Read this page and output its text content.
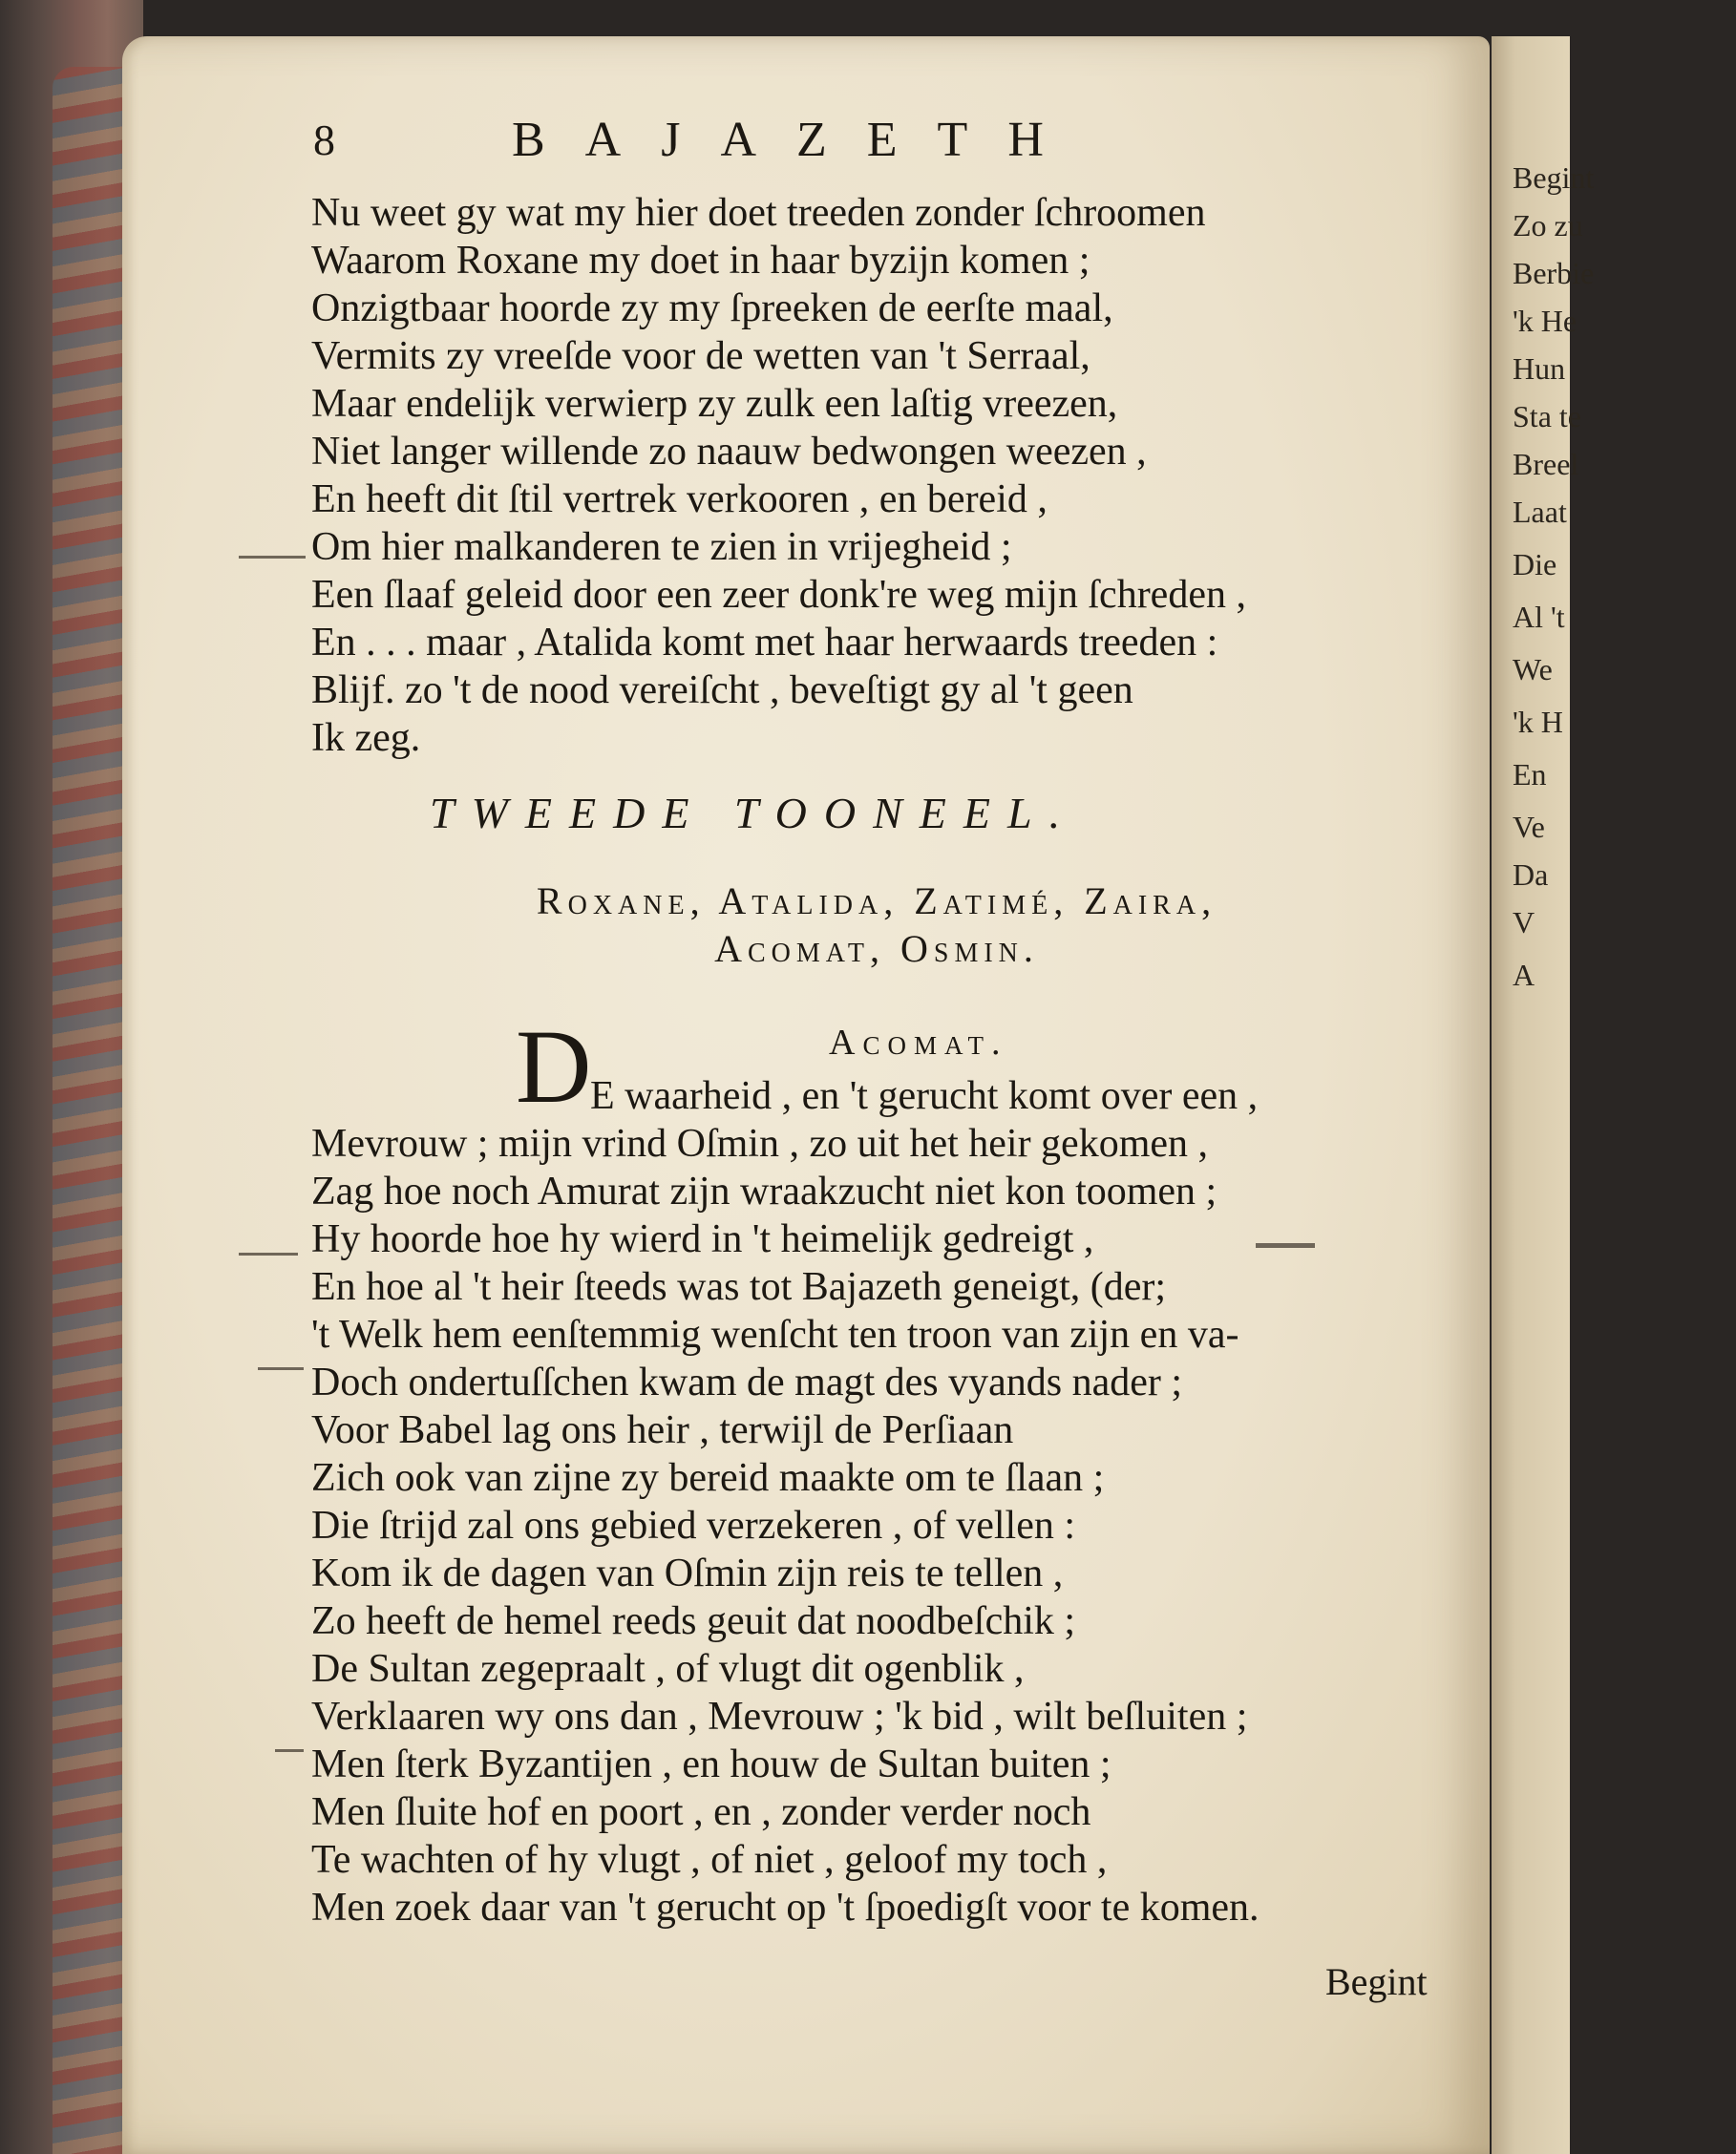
Begint
Zo zu
Berbie
'k He
Hun
Sta te
Breel
Laat
Die
Al 't
We
'k H
En
Ve
Da
V
A
8	BAJAZETH
Nu weet gy wat my hier doet treeden zonder ſchroomen
Waarom Roxane my doet in haar byzijn komen ;
Onzigtbaar hoorde zy my ſpreeken de eerſte maal,
Vermits zy vreeſde voor de wetten van 't Serraal,
Maar endelijk verwierp zy zulk een laſtig vreezen,
Niet langer willende zo naauw bedwongen weezen ,
En heeft dit ſtil vertrek verkooren , en bereid ,
Om hier malkanderen te zien in vrijegheid ;
Een ſlaaf geleid door een zeer donk're weg mijn ſchreden ,
En . . . maar , Atalida komt met haar herwaards treeden :
Blijf. zo 't de nood vereiſcht , beveſtigt gy al 't geen
Ik zeg.
TWEEDE TOONEEL.
Roxane, Atalida, Zatimé, Zaira,
Acomat, Osmin.
Acomat.
D
E waarheid , en 't gerucht komt over een ,
Mevrouw ; mijn vrind Oſmin , zo uit het heir gekomen ,
Zag hoe noch Amurat zijn wraakzucht niet kon toomen ;
Hy hoorde hoe hy wierd in 't heimelijk gedreigt ,
En hoe al 't heir ſteeds was tot Bajazeth geneigt, (der;
't Welk hem eenſtemmig wenſcht ten troon van zijn en va-
Doch ondertuſſchen kwam de magt des vyands nader ;
Voor Babel lag ons heir , terwijl de Perſiaan
Zich ook van zijne zy bereid maakte om te ſlaan ;
Die ſtrijd zal ons gebied verzekeren , of vellen :
Kom ik de dagen van Oſmin zijn reis te tellen ,
Zo heeft de hemel reeds geuit dat noodbeſchik ;
De Sultan zegepraalt , of vlugt dit ogenblik ,
Verklaaren wy ons dan , Mevrouw ; 'k bid , wilt beſluiten ;
Men ſterk Byzantijen , en houw de Sultan buiten ;
Men ſluite hof en poort , en , zonder verder noch
Te wachten of hy vlugt , of niet , geloof my toch ,
Men zoek daar van 't gerucht op 't ſpoedigſt voor te komen.
Begint
